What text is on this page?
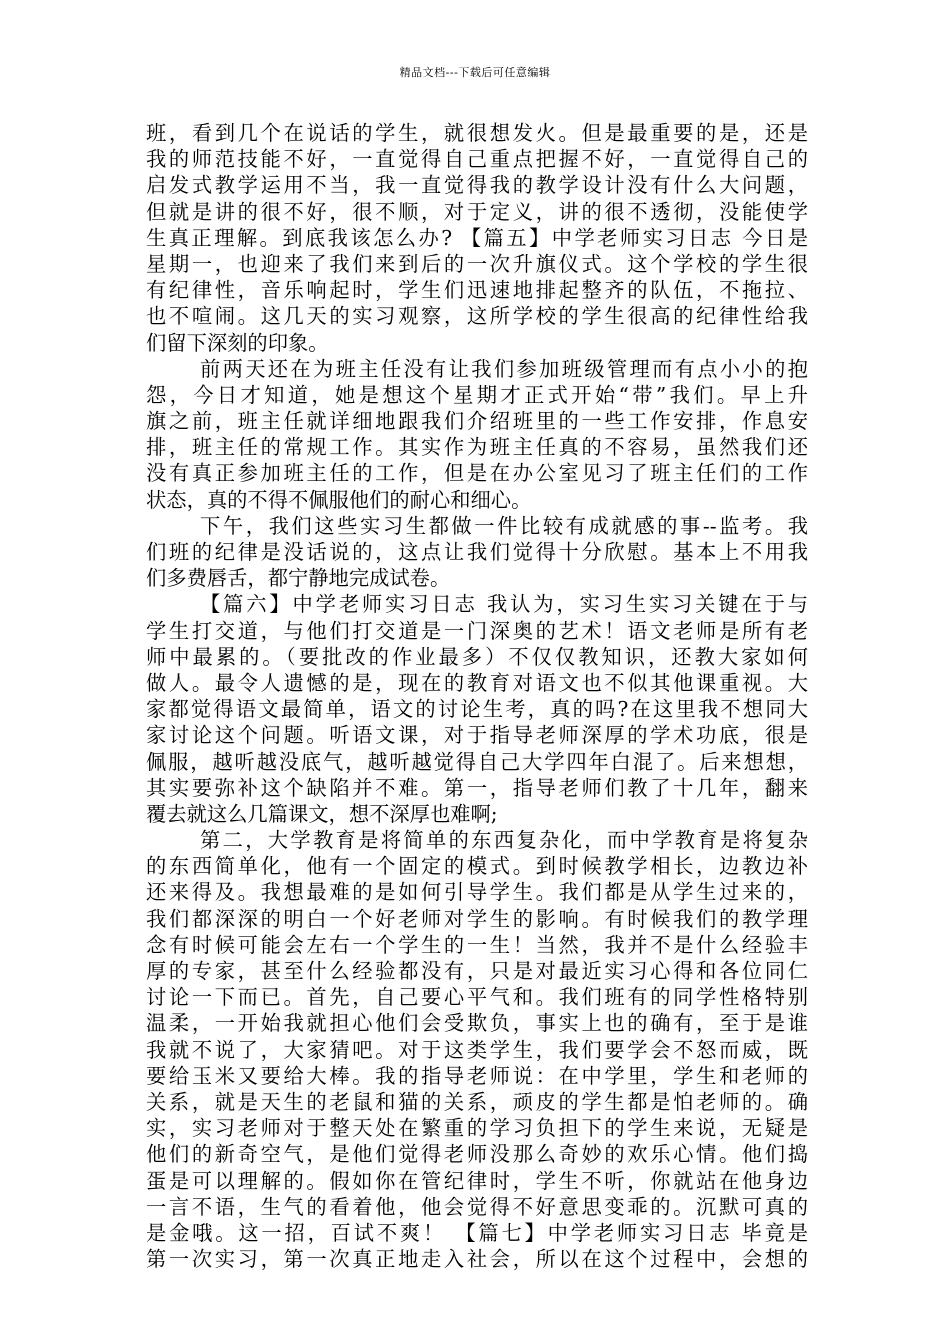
精品文档---下载后可任意编辑
班，看到几个在说话的学生，就很想发火。但是最重要的是，还是
我的师范技能不好，一直觉得自己重点把握不好，一直觉得自己的
启发式教学运用不当，我一直觉得我的教学设计没有什么大问题，
但就是讲的很不好，很不顺，对于定义，讲的很不透彻，没能使学
生真正理解。到底我该怎么办? 【篇五】中学老师实习日志 今日是
星期一，也迎来了我们来到后的一次升旗仪式。这个学校的学生很
有纪律性，音乐响起时，学生们迅速地排起整齐的队伍，不拖拉、
也不喧闹。这几天的实习观察，这所学校的学生很高的纪律性给我
们留下深刻的印象。
前两天还在为班主任没有让我们参加班级管理而有点小小的抱
怨，今日才知道，她是想这个星期才正式开始“带”我们。早上升
旗之前，班主任就详细地跟我们介绍班里的一些工作安排，作息安
排，班主任的常规工作。其实作为班主任真的不容易，虽然我们还
没有真正参加班主任的工作，但是在办公室见习了班主任们的工作
状态，真的不得不佩服他们的耐心和细心。
下午，我们这些实习生都做一件比较有成就感的事--监考。我
们班的纪律是没话说的，这点让我们觉得十分欣慰。基本上不用我
们多费唇舌，都宁静地完成试卷。
【篇六】中学老师实习日志 我认为，实习生实习关键在于与
学生打交道，与他们打交道是一门深奥的艺术！语文老师是所有老
师中最累的。（要批改的作业最多）不仅仅教知识，还教大家如何
做人。最令人遗憾的是，现在的教育对语文也不似其他课重视。大
家都觉得语文最简单，语文的讨论生考，真的吗?在这里我不想同大
家讨论这个问题。听语文课，对于指导老师深厚的学术功底，很是
佩服，越听越没底气，越听越觉得自己大学四年白混了。后来想想，
其实要弥补这个缺陷并不难。第一，指导老师们教了十几年，翻来
覆去就这么几篇课文，想不深厚也难啊;
第二，大学教育是将简单的东西复杂化，而中学教育是将复杂
的东西简单化，他有一个固定的模式。到时候教学相长，边教边补
还来得及。我想最难的是如何引导学生。我们都是从学生过来的，
我们都深深的明白一个好老师对学生的影响。有时候我们的教学理
念有时候可能会左右一个学生的一生！当然，我并不是什么经验丰
厚的专家，甚至什么经验都没有，只是对最近实习心得和各位同仁
讨论一下而已。首先，自己要心平气和。我们班有的同学性格特别
温柔，一开始我就担心他们会受欺负，事实上也的确有，至于是谁
我就不说了，大家猜吧。对于这类学生，我们要学会不怒而威，既
要给玉米又要给大棒。我的指导老师说：在中学里，学生和老师的
关系，就是天生的老鼠和猫的关系，顽皮的学生都是怕老师的。确
实，实习老师对于整天处在繁重的学习负担下的学生来说，无疑是
他们的新奇空气，是他们觉得老师没那么奇妙的欢乐心情。他们捣
蛋是可以理解的。假如你在管纪律时，学生不听，你就站在他身边
一言不语，生气的看着他，他会觉得不好意思变乖的。沉默可真的
是金哦。这一招，百试不爽！ 【篇七】中学老师实习日志 毕竟是
第一次实习，第一次真正地走入社会，所以在这个过程中，会想的
